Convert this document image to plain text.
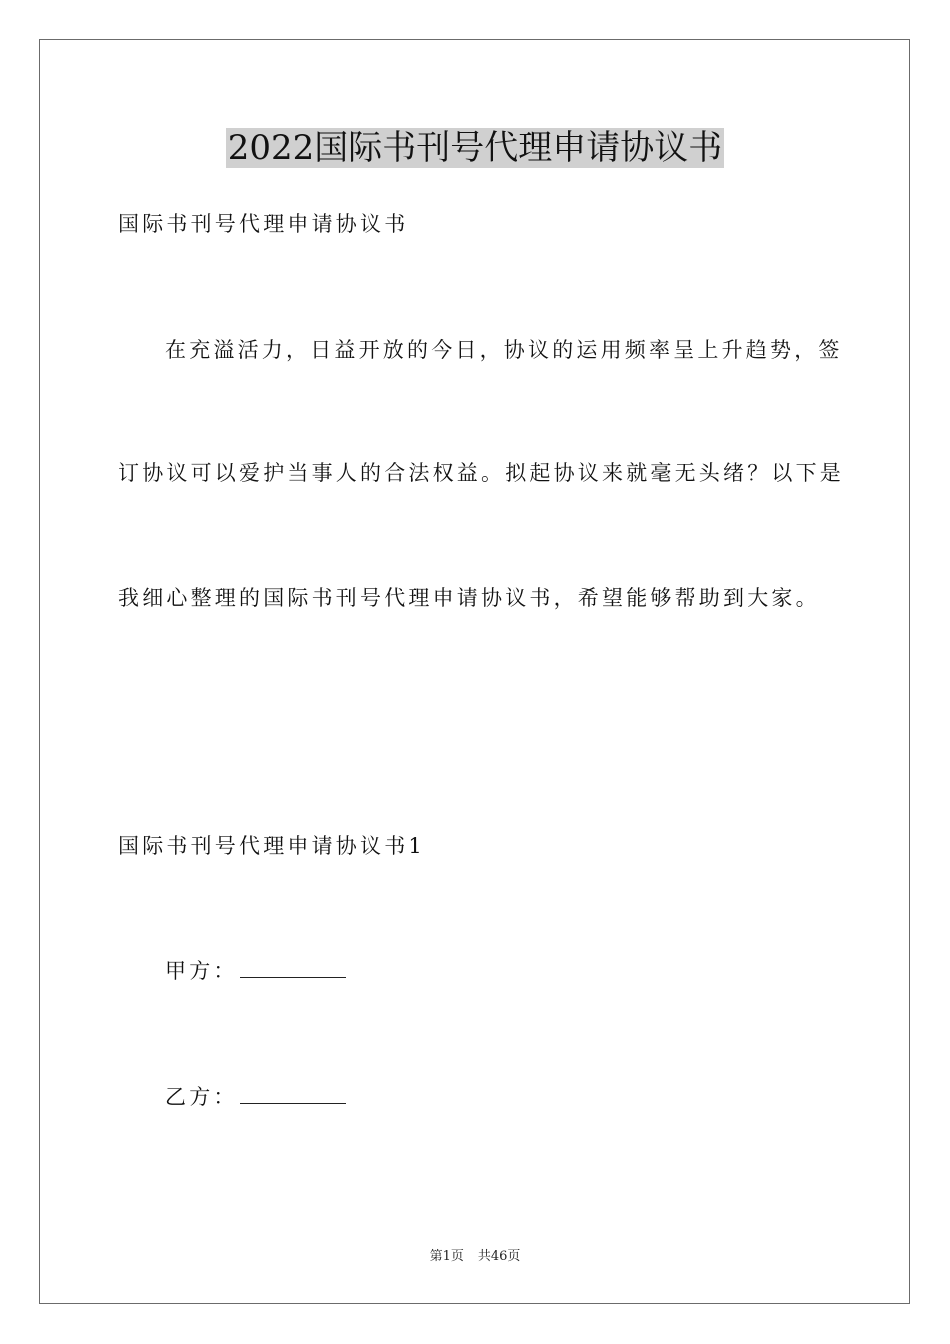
2022国际书刊号代理申请协议书
国际书刊号代理申请协议书
在充溢活力，日益开放的今日，协议的运用频率呈上升趋势，签
订协议可以爱护当事人的合法权益。拟起协议来就毫无头绪？以下是
我细心整理的国际书刊号代理申请协议书，希望能够帮助到大家。
国际书刊号代理申请协议书1
甲方：
乙方：
第1页 共46页
